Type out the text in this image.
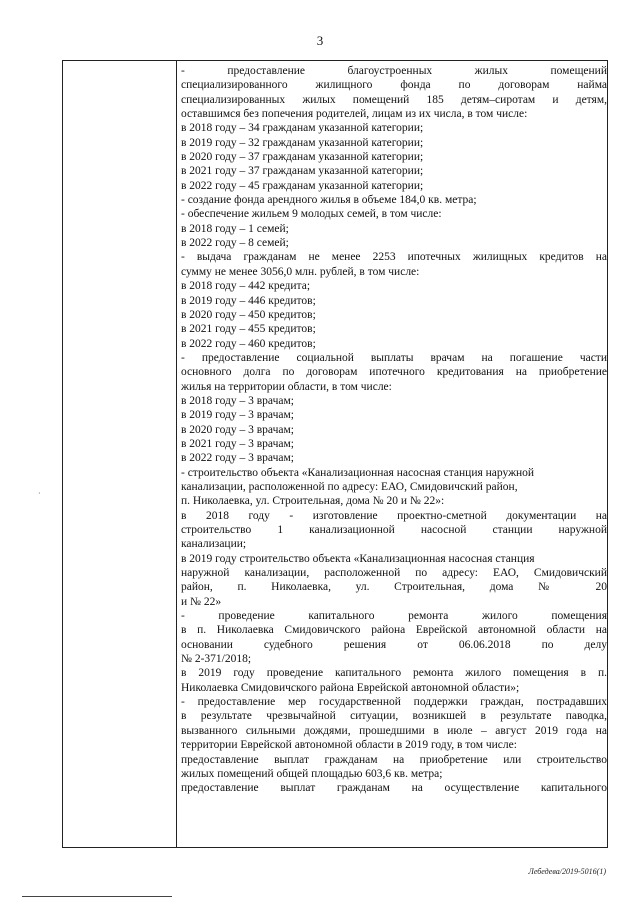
3
- предоставление благоустроенных жилых помещений
специализированного жилищного фонда по договорам найма
специализированных жилых помещений 185 детям–сиротам и детям,
оставшимся без попечения родителей, лицам из их числа, в том числе:
в 2018 году – 34 гражданам указанной категории;
в 2019 году – 32 гражданам указанной категории;
в 2020 году – 37 гражданам указанной категории;
в 2021 году – 37 гражданам указанной категории;
в 2022 году – 45 гражданам указанной категории;
- создание фонда арендного жилья в объеме 184,0 кв. метра;
- обеспечение жильем 9 молодых семей, в том числе:
в 2018 году – 1 семей;
в 2022 году – 8 семей;
- выдача гражданам не менее 2253 ипотечных жилищных кредитов на
сумму не менее 3056,0 млн. рублей, в том числе:
в 2018 году – 442 кредита;
в 2019 году – 446 кредитов;
в 2020 году – 450 кредитов;
в 2021 году – 455 кредитов;
в 2022 году – 460 кредитов;
- предоставление социальной выплаты врачам на погашение части
основного долга по договорам ипотечного кредитования на приобретение
жилья на территории области, в том числе:
в 2018 году – 3 врачам;
в 2019 году – 3 врачам;
в 2020 году – 3 врачам;
в 2021 году – 3 врачам;
в 2022 году – 3 врачам;
- строительство объекта «Канализационная насосная станция наружной
канализации, расположенной по адресу: ЕАО, Смидовичский район,
п. Николаевка, ул. Строительная, дома № 20 и № 22»:
в 2018 году - изготовление проектно-сметной документации на
строительство 1 канализационной насосной станции наружной
канализации;
в 2019 году строительство объекта «Канализационная насосная станция
наружной канализации, расположенной по адресу: ЕАО, Смидовичский
район, п. Николаевка, ул. Строительная, дома № 20
и № 22»
- проведение капитального ремонта жилого помещения
в п. Николаевка Смидовичского района Еврейской автономной области на
основании судебного решения от 06.06.2018 по делу
№ 2-371/2018;
в 2019 году проведение капитального ремонта жилого помещения в п.
Николаевка Смидовичского района Еврейской автономной области»;
- предоставление мер государственной поддержки граждан, пострадавших
в результате чрезвычайной ситуации, возникшей в результате паводка,
вызванного сильными дождями, прошедшими в июле – август 2019 года на
территории Еврейской автономной области в 2019 году, в том числе:
предоставление выплат гражданам на приобретение или строительство
жилых помещений общей площадью 603,6 кв. метра;
предоставление выплат гражданам на осуществление капитального
·
Лебедева/2019-5016(1)
